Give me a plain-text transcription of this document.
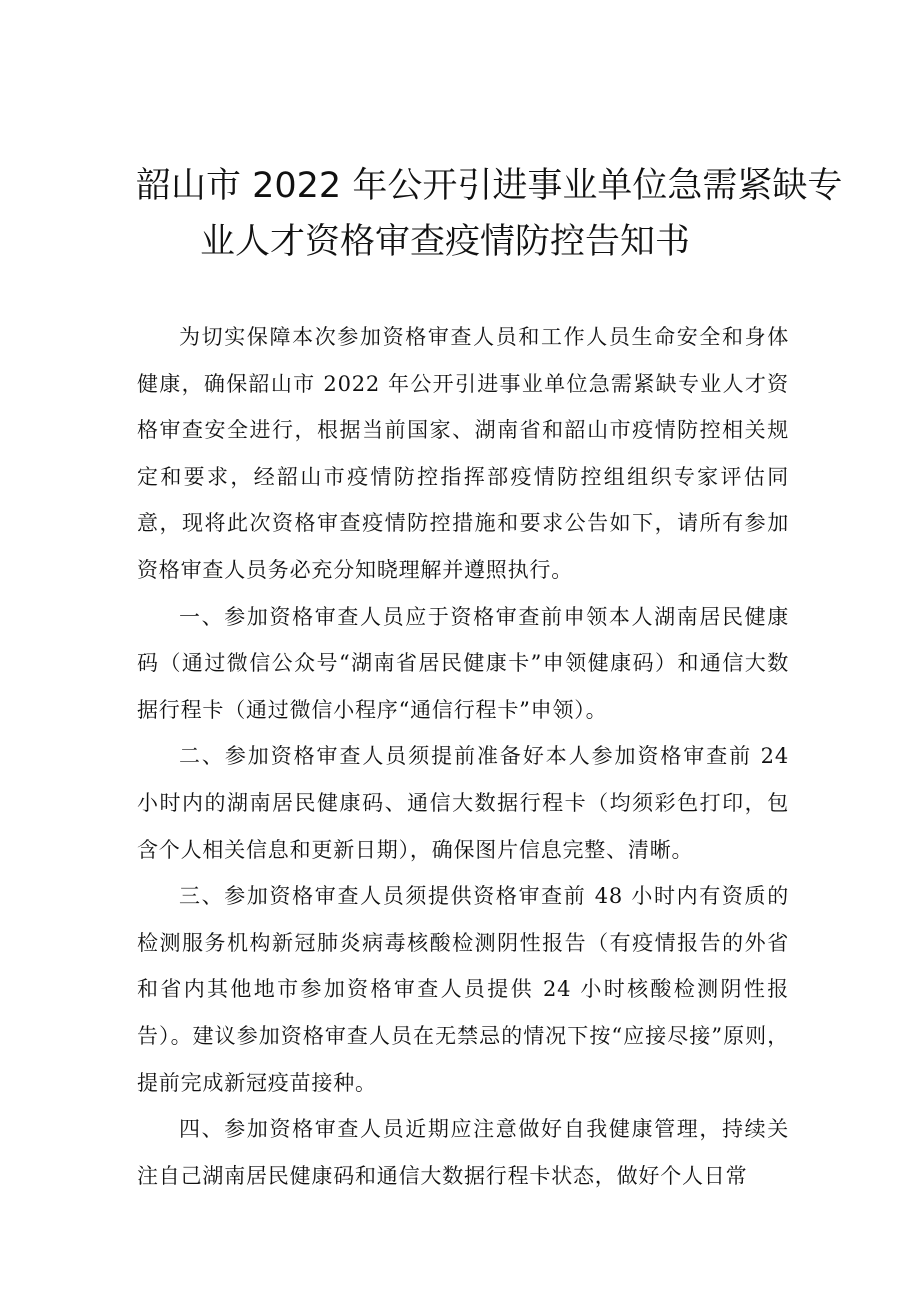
韶山市 2022 年公开引进事业单位急需紧缺专
业人才资格审查疫情防控告知书

为切实保障本次参加资格审查人员和工作人员生命安全和身体健康，确保韶山市 2022 年公开引进事业单位急需紧缺专业人才资格审查安全进行，根据当前国家、湖南省和韶山市疫情防控相关规定和要求，经韶山市疫情防控指挥部疫情防控组组织专家评估同意，现将此次资格审查疫情防控措施和要求公告如下，请所有参加资格审查人员务必充分知晓理解并遵照执行。

一、参加资格审查人员应于资格审查前申领本人湖南居民健康码（通过微信公众号“湖南省居民健康卡”申领健康码）和通信大数据行程卡（通过微信小程序“通信行程卡”申领）。

二、参加资格审查人员须提前准备好本人参加资格审查前 24 小时内的湖南居民健康码、通信大数据行程卡（均须彩色打印，包含个人相关信息和更新日期），确保图片信息完整、清晰。

三、参加资格审查人员须提供资格审查前 48 小时内有资质的检测服务机构新冠肺炎病毒核酸检测阴性报告（有疫情报告的外省和省内其他地市参加资格审查人员提供 24 小时核酸检测阴性报告）。建议参加资格审查人员在无禁忌的情况下按“应接尽接”原则，提前完成新冠疫苗接种。

四、参加资格审查人员近期应注意做好自我健康管理，持续关注自己湖南居民健康码和通信大数据行程卡状态，做好个人日常
